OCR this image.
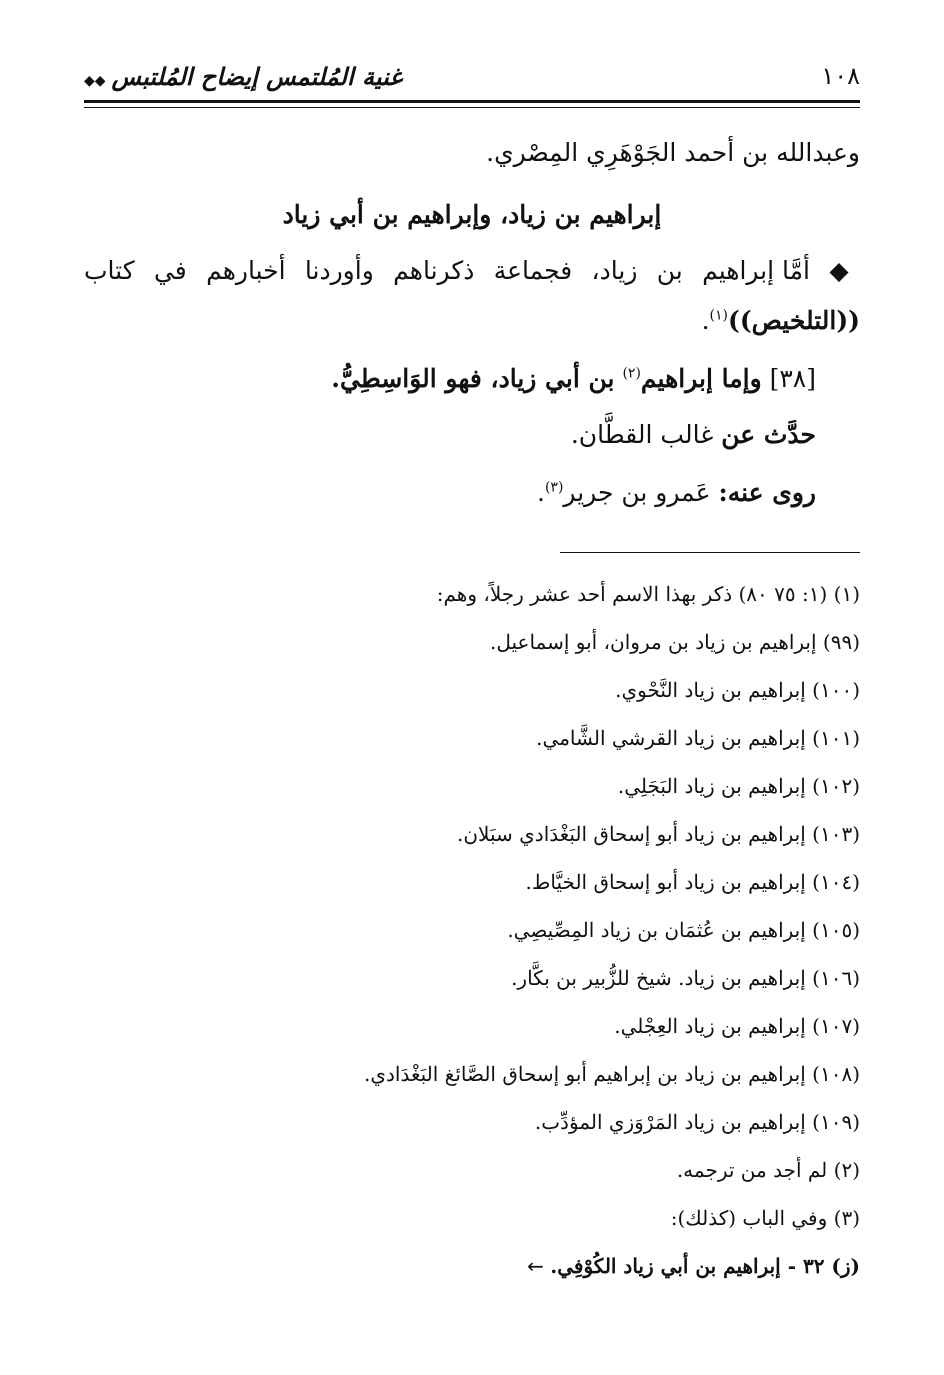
١٠٨
غنية المُلتمس إيضاح المُلتبس◆◆
وعبدالله بن أحمد الجَوْهَرِي المِصْري.
إبراهيم بن زياد، وإبراهيم بن أبي زياد
◆ أمَّا إبراهيم بن زياد، فجماعة ذكرناهم وأوردنا أخبارهم في كتاب
((التلخيص))$^{(١)}$.
[٣٨] وإما إبراهيم$^{(٢)}$ بن أبي زياد، فهو الوَاسِطِيُّ.
حدَّث عن غالب القطَّان.
روى عنه: عَمرو بن جرير$^{(٣)}$.
(١) (١: ٧٥ ٨٠) ذكر بهذا الاسم أحد عشر رجلاً، وهم:
(٩٩) إبراهيم بن زياد بن مروان، أبو إسماعيل.
(١٠٠) إبراهيم بن زياد النَّحْوي.
(١٠١) إبراهيم بن زياد القرشي الشَّامي.
(١٠٢) إبراهيم بن زياد البَجَلِي.
(١٠٣) إبراهيم بن زياد أبو إسحاق البَغْدَادي سبَلان.
(١٠٤) إبراهيم بن زياد أبو إسحاق الخيَّاط.
(١٠٥) إبراهيم بن عُثمَان بن زياد المِصِّيصِي.
(١٠٦) إبراهيم بن زياد. شيخ للزُّبير بن بكَّار.
(١٠٧) إبراهيم بن زياد العِجْلي.
(١٠٨) إبراهيم بن زياد بن إبراهيم أبو إسحاق الصَّائغ البَغْدَادي.
(١٠٩) إبراهيم بن زياد المَرْوَزي المؤدِّب.
(٢) لم أجد من ترجمه.
(٣) وفي الباب (كذلك):
(ز) ٣٢ - إبراهيم بن أبي زياد الكُوْفِي. ←
